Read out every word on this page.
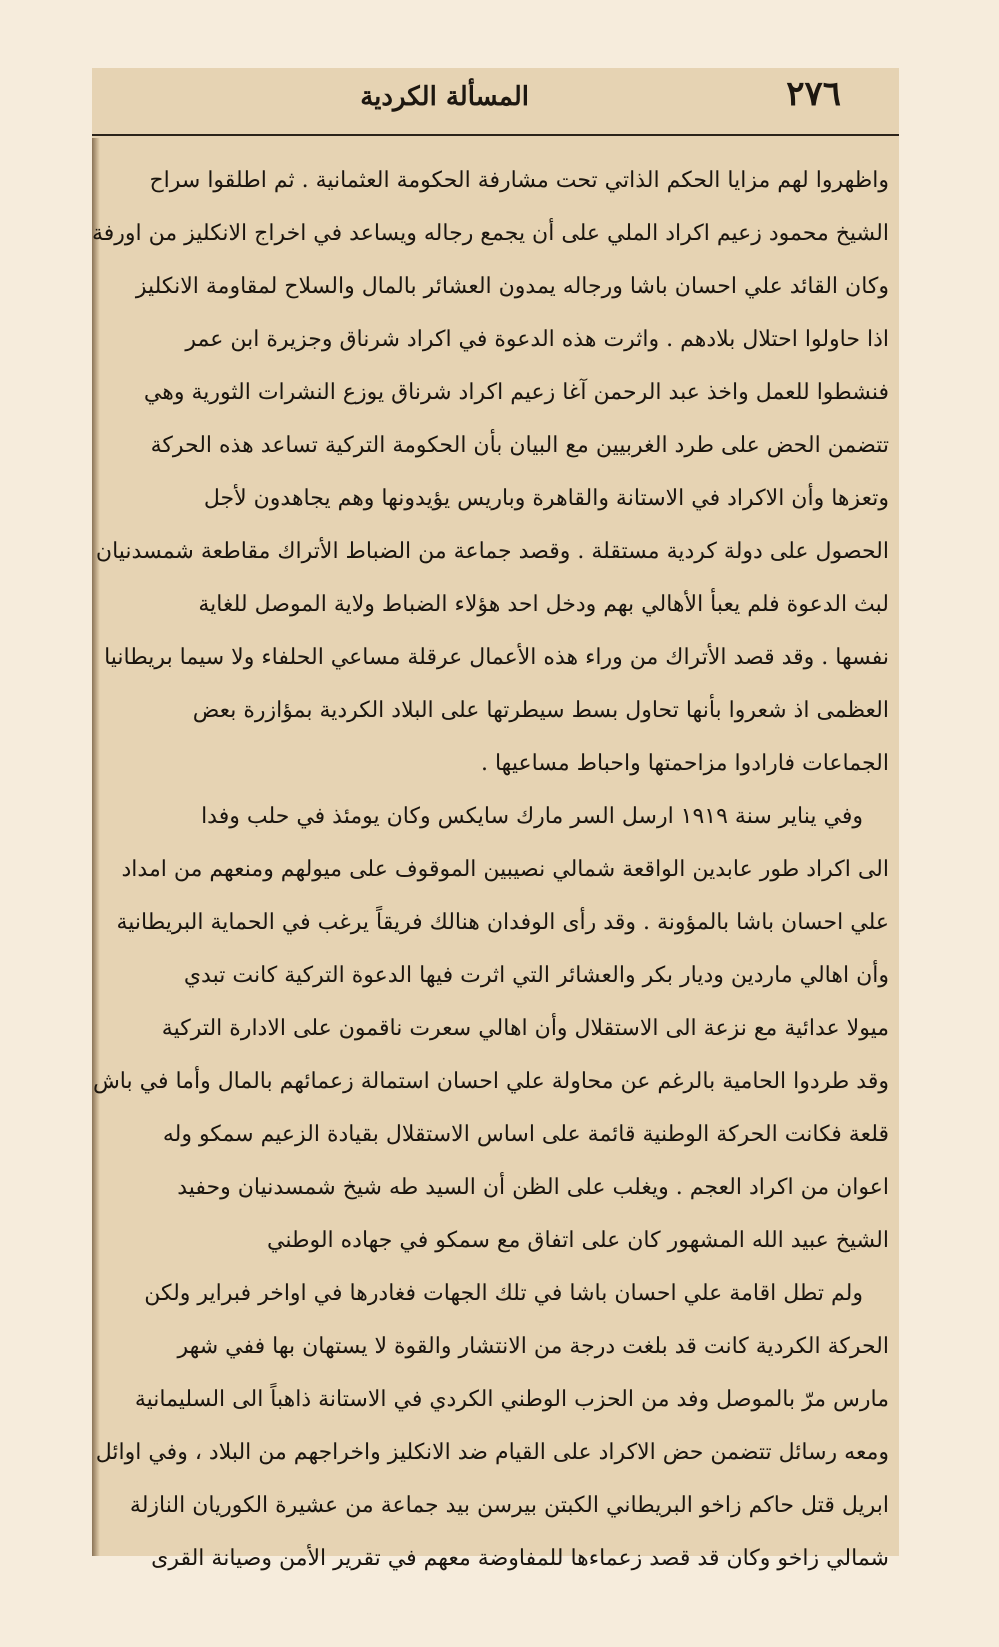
٢٧٦
المسألة الكردية
واظهروا لهم مزايا الحكم الذاتي تحت مشارفة الحكومة العثمانية . ثم اطلقوا سراح
الشيخ محمود زعيم اكراد الملي على أن يجمع رجاله ويساعد في اخراج الانكليز من اورفة
وكان القائد علي احسان باشا ورجاله يمدون العشائر بالمال والسلاح لمقاومة الانكليز
اذا حاولوا احتلال بلادهم . واثرت هذه الدعوة في اكراد شرناق وجزيرة ابن عمر
فنشطوا للعمل واخذ عبد الرحمن آغا زعيم اكراد شرناق يوزع النشرات الثورية وهي
تتضمن الحض على طرد الغربيين مع البيان بأن الحكومة التركية تساعد هذه الحركة
وتعزها وأن الاكراد في الاستانة والقاهرة وباريس يؤيدونها وهم يجاهدون لأجل
الحصول على دولة كردية مستقلة . وقصد جماعة من الضباط الأتراك مقاطعة شمسدنيان
لبث الدعوة فلم يعبأ الأهالي بهم ودخل احد هؤلاء الضباط ولاية الموصل للغاية
نفسها . وقد قصد الأتراك من وراء هذه الأعمال عرقلة مساعي الحلفاء ولا سيما بريطانيا
العظمى اذ شعروا بأنها تحاول بسط سيطرتها على البلاد الكردية بمؤازرة بعض
الجماعات فارادوا مزاحمتها واحباط مساعيها .
وفي يناير سنة ١٩١٩ ارسل السر مارك سايكس وكان يومئذ في حلب وفدا
الى اكراد طور عابدين الواقعة شمالي نصيبين الموقوف على ميولهم ومنعهم من امداد
علي احسان باشا بالمؤونة . وقد رأى الوفدان هنالك فريقاً يرغب في الحماية البريطانية
وأن اهالي ماردين وديار بكر والعشائر التي اثرت فيها الدعوة التركية كانت تبدي
ميولا عدائية مع نزعة الى الاستقلال وأن اهالي سعرت ناقمون على الادارة التركية
وقد طردوا الحامية بالرغم عن محاولة علي احسان استمالة زعمائهم بالمال وأما في باش
قلعة فكانت الحركة الوطنية قائمة على اساس الاستقلال بقيادة الزعيم سمكو وله
اعوان من اكراد العجم . ويغلب على الظن أن السيد طه شيخ شمسدنيان وحفيد
الشيخ عبيد الله المشهور كان على اتفاق مع سمكو في جهاده الوطني
ولم تطل اقامة علي احسان باشا في تلك الجهات فغادرها في اواخر فبراير ولكن
الحركة الكردية كانت قد بلغت درجة من الانتشار والقوة لا يستهان بها ففي شهر
مارس مرّ بالموصل وفد من الحزب الوطني الكردي في الاستانة ذاهباً الى السليمانية
ومعه رسائل تتضمن حض الاكراد على القيام ضد الانكليز واخراجهم من البلاد ، وفي اوائل
ابريل قتل حاكم زاخو البريطاني الكبتن بيرسن بيد جماعة من عشيرة الكوريان النازلة
شمالي زاخو وكان قد قصد زعماءها للمفاوضة معهم في تقرير الأمن وصيانة القرى
